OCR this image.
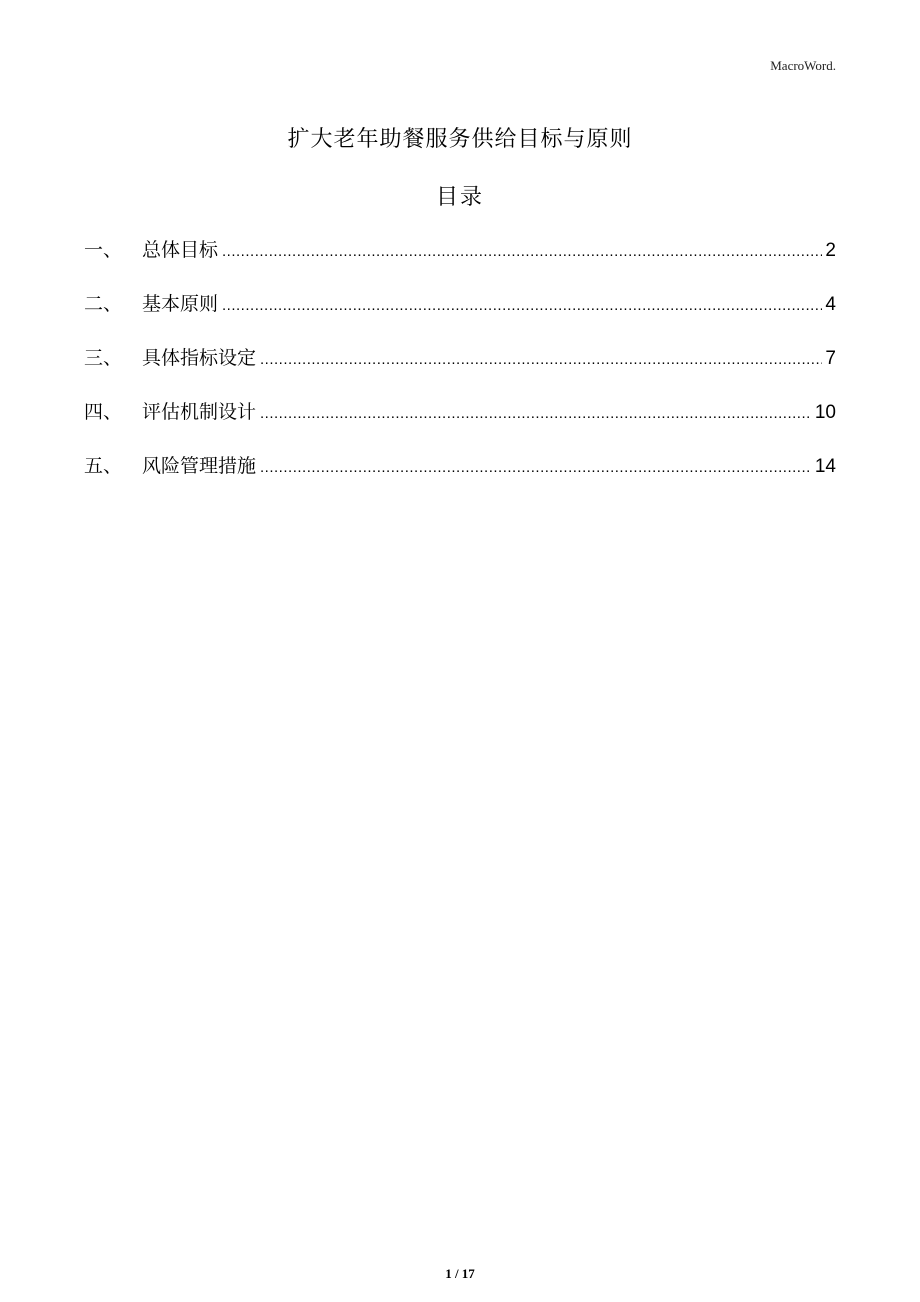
MacroWord.
扩大老年助餐服务供给目标与原则
目录
一、	总体目标 .....	2
二、	基本原则 .....	4
三、	具体指标设定 .....	7
四、	评估机制设计 .....	10
五、	风险管理措施 .....	14
1 / 17
